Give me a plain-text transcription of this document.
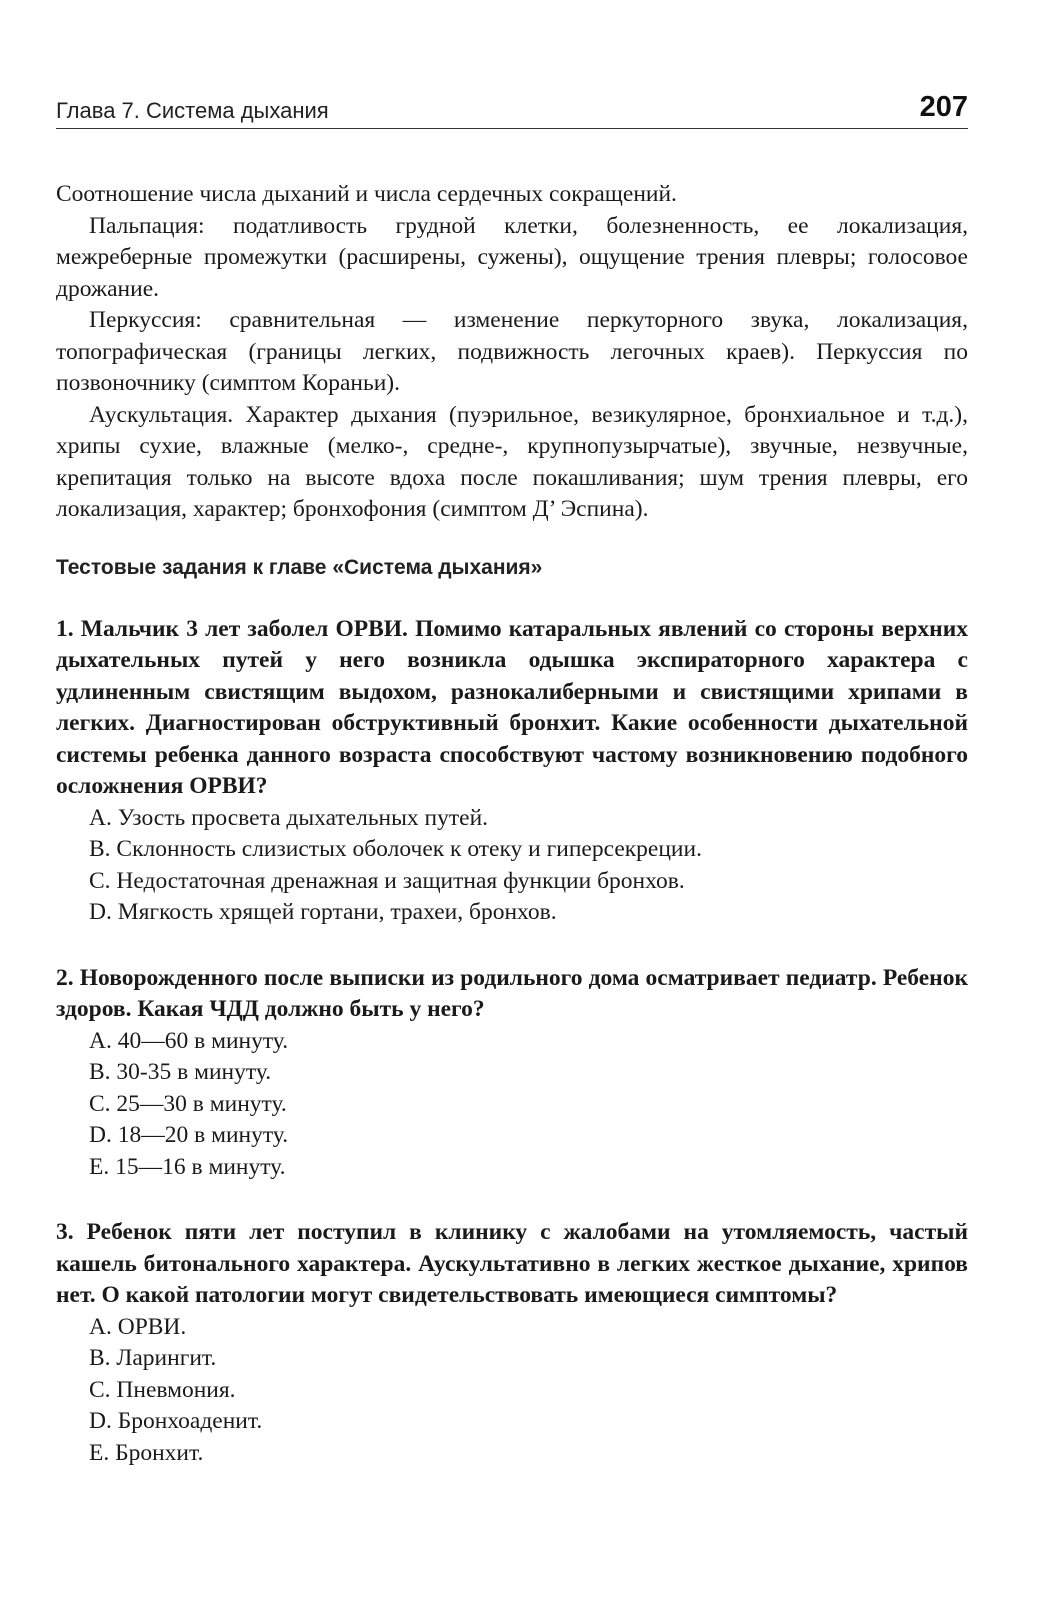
Глава 7. Система дыхания	207

Соотношение числа дыханий и числа сердечных сокращений.

Пальпация: податливость грудной клетки, болезненность, ее локализация, межреберные промежутки (расширены, сужены), ощущение трения плевры; голосовое дрожание.

Перкуссия: сравнительная — изменение перкуторного звука, локализация, топографическая (границы легких, подвижность легочных краев). Перкуссия по позвоночнику (симптом Кораньи).

Аускультация. Характер дыхания (пуэрильное, везикулярное, бронхиальное и т.д.), хрипы сухие, влажные (мелко-, средне-, крупнопузырчатые), звучные, незвучные, крепитация только на высоте вдоха после покашливания; шум трения плевры, его локализация, характер; бронхофония (симптом Д’ Эспина).

Тестовые задания к главе «Система дыхания»

1. Мальчик 3 лет заболел ОРВИ. Помимо катаральных явлений со стороны верхних дыхательных путей у него возникла одышка экспираторного характера с удлиненным свистящим выдохом, разнокалиберными и свистящими хрипами в легких. Диагностирован обструктивный бронхит. Какие особенности дыхательной системы ребенка данного возраста способствуют частому возникновению подобного осложнения ОРВИ?

A. Узость просвета дыхательных путей.
B. Склонность слизистых оболочек к отеку и гиперсекреции.
C. Недостаточная дренажная и защитная функции бронхов.
D. Мягкость хрящей гортани, трахеи, бронхов.

2. Новорожденного после выписки из родильного дома осматривает педиатр. Ребенок здоров. Какая ЧДД должно быть у него?

A. 40—60 в минуту.
B. 30-35 в минуту.
C. 25—30 в минуту.
D. 18—20 в минуту.
E. 15—16 в минуту.

3. Ребенок пяти лет поступил в клинику с жалобами на утомляемость, частый кашель битонального характера. Аускультативно в легких жесткое дыхание, хрипов нет. О какой патологии могут свидетельствовать имеющиеся симптомы?

A. ОРВИ.
B. Ларингит.
C. Пневмония.
D. Бронхоаденит.
E. Бронхит.
